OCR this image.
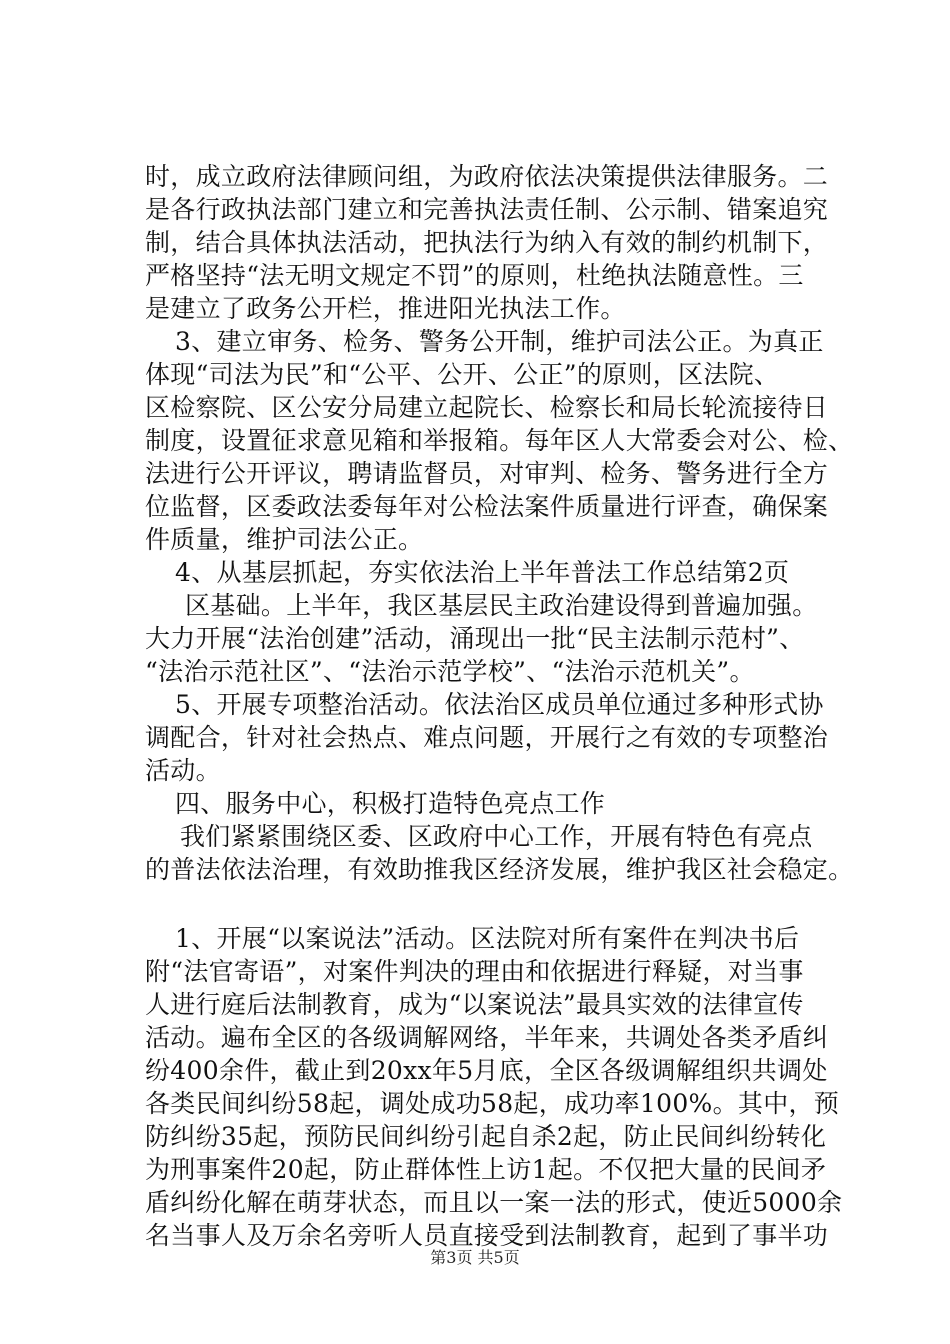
时，成立政府法律顾问组，为政府依法决策提供法律服务。二
是各行政执法部门建立和完善执法责任制、公示制、错案追究
制，结合具体执法活动，把执法行为纳入有效的制约机制下，
严格坚持“法无明文规定不罚”的原则，杜绝执法随意性。三
是建立了政务公开栏，推进阳光执法工作。
3、建立审务、检务、警务公开制，维护司法公正。为真正
体现“司法为民”和“公平、公开、公正”的原则，区法院、
区检察院、区公安分局建立起院长、检察长和局长轮流接待日
制度，设置征求意见箱和举报箱。每年区人大常委会对公、检、
法进行公开评议，聘请监督员，对审判、检务、警务进行全方
位监督，区委政法委每年对公检法案件质量进行评查，确保案
件质量，维护司法公正。
4、从基层抓起，夯实依法治上半年普法工作总结第2页
区基础。上半年，我区基层民主政治建设得到普遍加强。
大力开展“法治创建”活动，涌现出一批“民主法制示范村”、
“法治示范社区”、“法治示范学校”、“法治示范机关”。
5、开展专项整治活动。依法治区成员单位通过多种形式协
调配合，针对社会热点、难点问题，开展行之有效的专项整治
活动。
四、服务中心，积极打造特色亮点工作
我们紧紧围绕区委、区政府中心工作，开展有特色有亮点
的普法依法治理，有效助推我区经济发展，维护我区社会稳定。
1、开展“以案说法”活动。区法院对所有案件在判决书后
附“法官寄语”，对案件判决的理由和依据进行释疑，对当事
人进行庭后法制教育，成为“以案说法”最具实效的法律宣传
活动。遍布全区的各级调解网络，半年来，共调处各类矛盾纠
纷400余件，截止到20xx年5月底，全区各级调解组织共调处
各类民间纠纷58起，调处成功58起，成功率100%。其中，预
防纠纷35起，预防民间纠纷引起自杀2起，防止民间纠纷转化
为刑事案件20起，防止群体性上访1起。不仅把大量的民间矛
盾纠纷化解在萌芽状态，而且以一案一法的形式，使近5000余
名当事人及万余名旁听人员直接受到法制教育，起到了事半功
第3页 共5页
